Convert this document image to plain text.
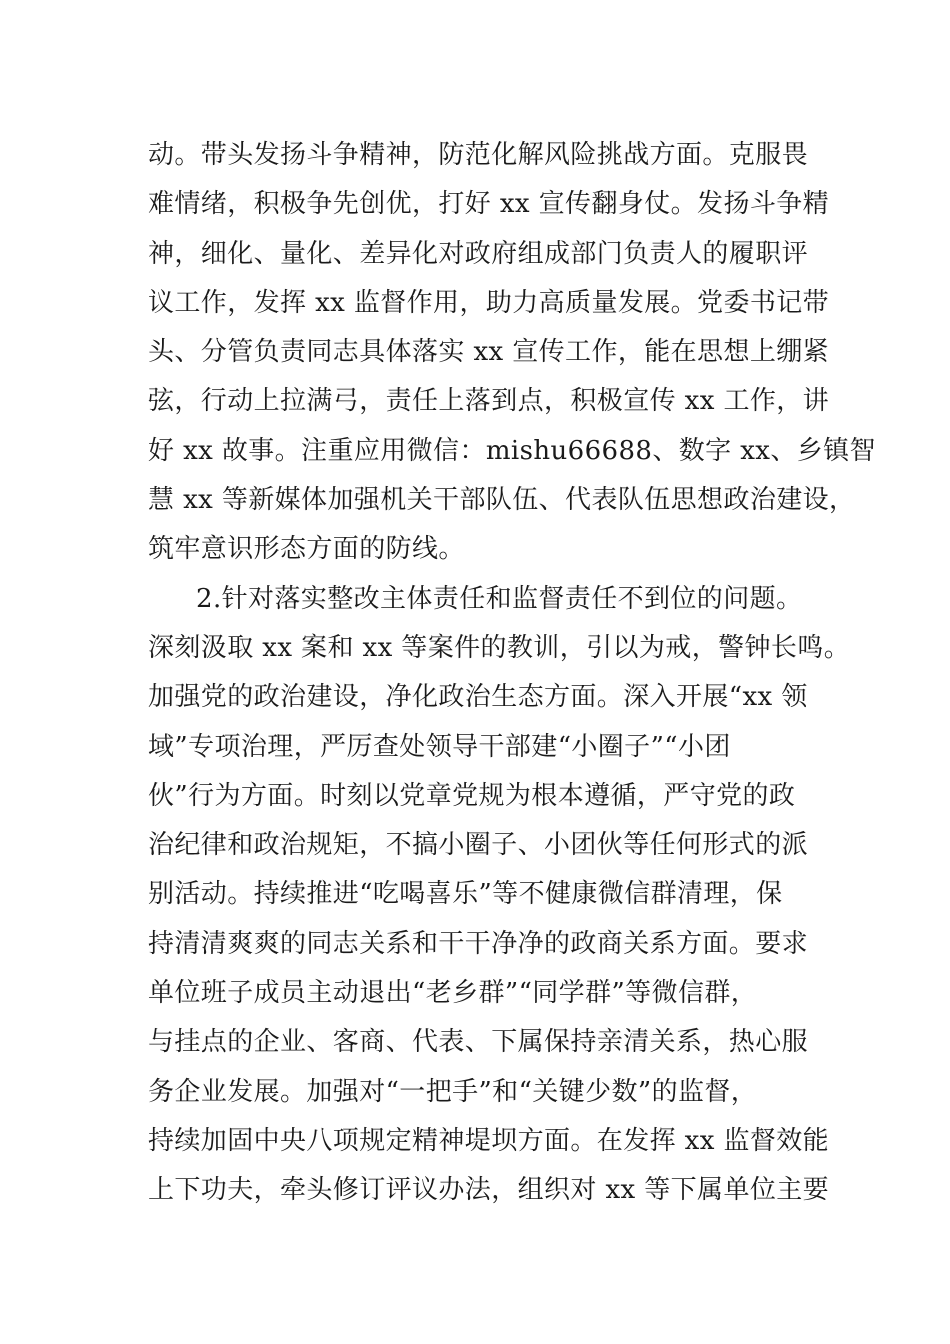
动。带头发扬斗争精神，防范化解风险挑战方面。克服畏
难情绪，积极争先创优，打好 xx 宣传翻身仗。发扬斗争精
神，细化、量化、差异化对政府组成部门负责人的履职评
议工作，发挥 xx 监督作用，助力高质量发展。党委书记带
头、分管负责同志具体落实 xx 宣传工作，能在思想上绷紧
弦，行动上拉满弓，责任上落到点，积极宣传 xx 工作，讲
好 xx 故事。注重应用微信：mishu66688、数字 xx、乡镇智
慧 xx 等新媒体加强机关干部队伍、代表队伍思想政治建设，
筑牢意识形态方面的防线。
2.针对落实整改主体责任和监督责任不到位的问题。
深刻汲取 xx 案和 xx 等案件的教训，引以为戒，警钟长鸣。
加强党的政治建设，净化政治生态方面。深入开展“xx 领
域”专项治理，严厉查处领导干部建“小圈子”“小团
伙”行为方面。时刻以党章党规为根本遵循，严守党的政
治纪律和政治规矩，不搞小圈子、小团伙等任何形式的派
别活动。持续推进“吃喝喜乐”等不健康微信群清理，保
持清清爽爽的同志关系和干干净净的政商关系方面。要求
单位班子成员主动退出“老乡群”“同学群”等微信群，
与挂点的企业、客商、代表、下属保持亲清关系，热心服
务企业发展。加强对“一把手”和“关键少数”的监督，
持续加固中央八项规定精神堤坝方面。在发挥 xx 监督效能
上下功夫，牵头修订评议办法，组织对 xx 等下属单位主要
